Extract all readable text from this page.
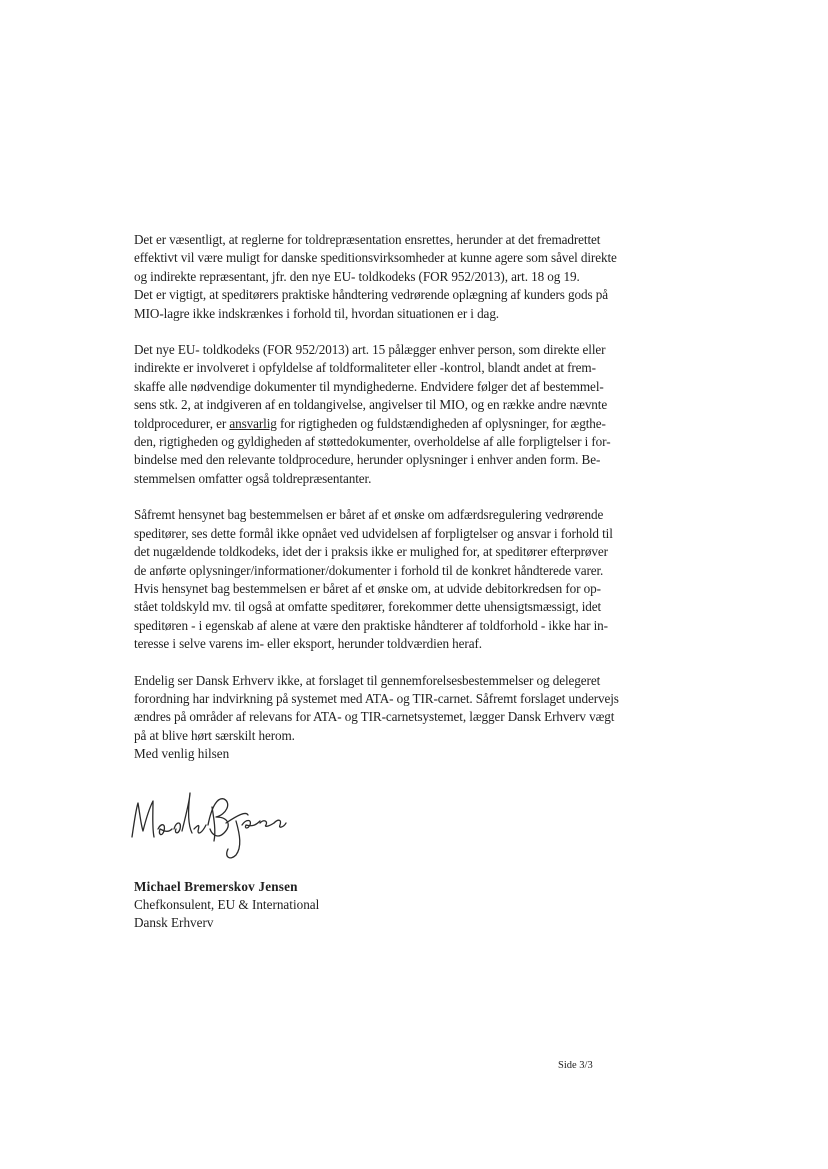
Det er væsentligt, at reglerne for toldrepræsentation ensrettes, herunder at det fremadrettet
effektivt vil være muligt for danske speditionsvirksomheder at kunne agere som såvel direkte
og indirekte repræsentant, jfr. den nye EU- toldkodeks (FOR 952/2013), art. 18 og 19.
Det er vigtigt, at speditørers praktiske håndtering vedrørende oplægning af kunders gods på
MIO-lagre ikke indskrænkes i forhold til, hvordan situationen er i dag.

Det nye EU- toldkodeks (FOR 952/2013) art. 15 pålægger enhver person, som direkte eller
indirekte er involveret i opfyldelse af toldformaliteter eller -kontrol, blandt andet at frem-
skaffe alle nødvendige dokumenter til myndighederne. Endvidere følger det af bestemmel-
sens stk. 2, at indgiveren af en toldangivelse, angivelser til MIO, og en række andre nævnte
toldprocedurer, er ansvarlig for rigtigheden og fuldstændigheden af oplysninger, for ægthe-
den, rigtigheden og gyldigheden af støttedokumenter, overholdelse af alle forpligtelser i for-
bindelse med den relevante toldprocedure, herunder oplysninger i enhver anden form. Be-
stemmelsen omfatter også toldrepræsentanter.

Såfremt hensynet bag bestemmelsen er båret af et ønske om adfærdsregulering vedrørende
speditører, ses dette formål ikke opnået ved udvidelsen af forpligtelser og ansvar i forhold til
det nugældende toldkodeks, idet der i praksis ikke er mulighed for, at speditører efterprøver
de anførte oplysninger/informationer/dokumenter i forhold til de konkret håndterede varer.
Hvis hensynet bag bestemmelsen er båret af et ønske om, at udvide debitorkredsen for op-
stået toldskyld mv. til også at omfatte speditører, forekommer dette uhensigtsmæssigt, idet
speditøren - i egenskab af alene at være den praktiske håndterer af toldforhold - ikke har in-
teresse i selve varens im- eller eksport, herunder toldværdien heraf.

Endelig ser Dansk Erhverv ikke, at forslaget til gennemforelsesbestemmelser og delegeret
forordning har indvirkning på systemet med ATA- og TIR-carnet. Såfremt forslaget undervejs
ændres på områder af relevans for ATA- og TIR-carnetsystemet, lægger Dansk Erhverv vægt
på at blive hørt særskilt herom.

Med venlig hilsen
Michael Bremerskov Jensen
Chefkonsulent, EU & International
Dansk Erhverv
Side 3/3
